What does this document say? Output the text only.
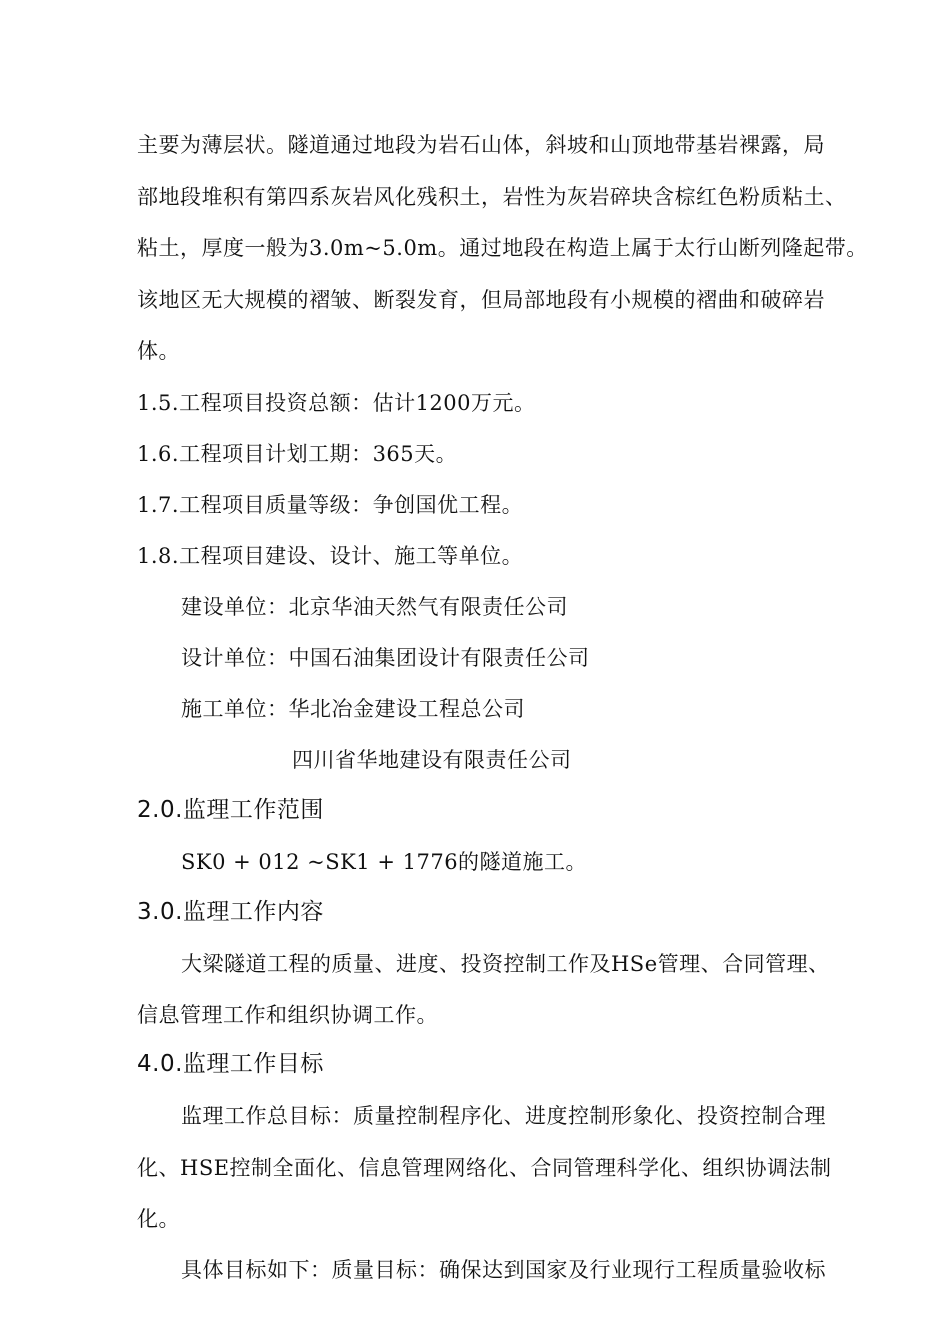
主要为薄层状。隧道通过地段为岩石山体，斜坡和山顶地带基岩裸露，局
部地段堆积有第四系灰岩风化残积土，岩性为灰岩碎块含棕红色粉质粘土、
粘土，厚度一般为3.0m~5.0m。通过地段在构造上属于太行山断列隆起带。
该地区无大规模的褶皱、断裂发育，但局部地段有小规模的褶曲和破碎岩
体。
1.5.工程项目投资总额：估计1200万元。
1.6.工程项目计划工期：365天。
1.7.工程项目质量等级：争创国优工程。
1.8.工程项目建设、设计、施工等单位。
建设单位：北京华油天然气有限责任公司
设计单位：中国石油集团设计有限责任公司
施工单位：华北冶金建设工程总公司
四川省华地建设有限责任公司
2.0.监理工作范围
SK0 + 012 ~SK1 + 1776的隧道施工。
3.0.监理工作内容
大梁隧道工程的质量、进度、投资控制工作及HSe管理、合同管理、
信息管理工作和组织协调工作。
4.0.监理工作目标
监理工作总目标：质量控制程序化、进度控制形象化、投资控制合理
化、HSE控制全面化、信息管理网络化、合同管理科学化、组织协调法制
化。
具体目标如下：质量目标：确保达到国家及行业现行工程质量验收标
